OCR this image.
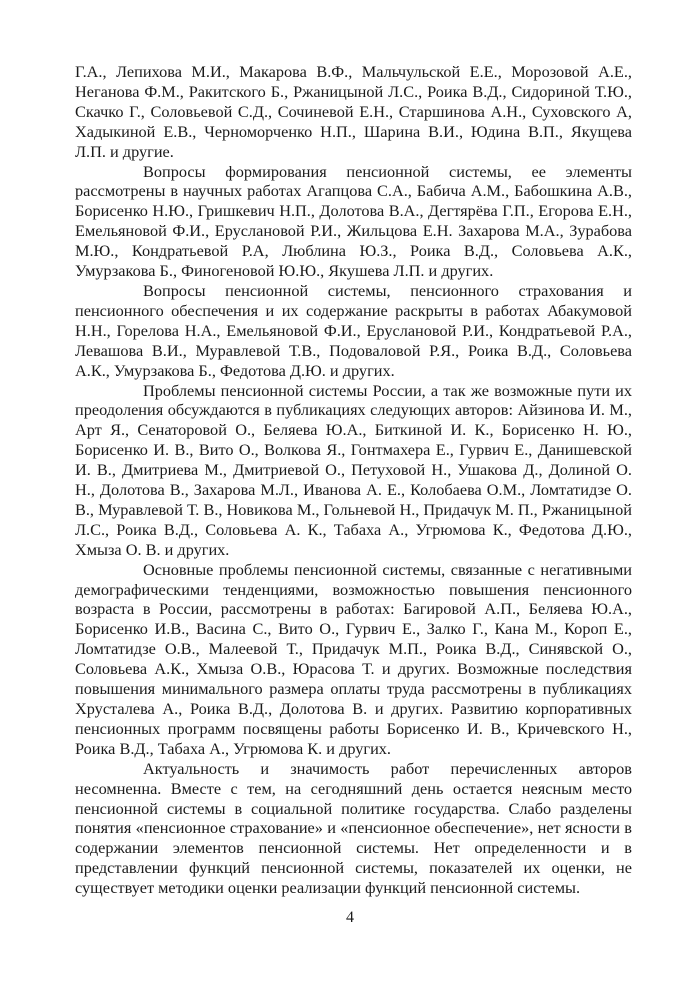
Г.А., Лепихова М.И., Макарова В.Ф., Мальчульской Е.Е., Морозовой А.Е., Неганова Ф.М., Ракитского Б., Ржаницыной Л.С., Роика В.Д., Сидориной Т.Ю., Скачко Г., Соловьевой С.Д., Сочиневой Е.Н., Старшинова А.Н., Суховского А, Хадыкиной Е.В., Черноморченко Н.П., Шарина В.И., Юдина В.П., Якущева Л.П. и другие.

Вопросы формирования пенсионной системы, ее элементы рассмотрены в научных работах Агапцова С.А., Бабича А.М., Бабошкина А.В., Борисенко Н.Ю., Гришкевич Н.П., Долотова В.А., Дегтярёва Г.П., Егорова Е.Н., Емельяновой Ф.И., Еруслановой Р.И., Жильцова Е.Н. Захарова М.А., Зурабова М.Ю., Кондратьевой Р.А, Люблина Ю.З., Роика В.Д., Соловьева А.К., Умурзакова Б., Финогеновой Ю.Ю., Якушева Л.П. и других.

Вопросы пенсионной системы, пенсионного страхования и пенсионного обеспечения и их содержание раскрыты в работах Абакумовой Н.Н., Горелова Н.А., Емельяновой Ф.И., Еруслановой Р.И., Кондратьевой Р.А., Левашова В.И., Муравлевой Т.В., Подоваловой Р.Я., Роика В.Д., Соловьева А.К., Умурзакова Б., Федотова Д.Ю. и других.

Проблемы пенсионной системы России, а так же возможные пути их преодоления обсуждаются в публикациях следующих авторов: Айзинова И. М., Арт Я., Сенаторовой О., Беляева Ю.А., Биткиной И. К., Борисенко Н. Ю., Борисенко И. В., Вито О., Волкова Я., Гонтмахера Е., Гурвич Е., Данишевской И. В., Дмитриева М., Дмитриевой О., Петуховой Н., Ушакова Д., Долиной О. Н., Долотова В., Захарова М.Л., Иванова А. Е., Колобаева О.М., Ломтатидзе О. В., Муравлевой Т. В., Новикова М., Гольневой Н., Придачук М. П., Ржаницыной Л.С., Роика В.Д., Соловьева А. К., Табаха А., Угрюмова К., Федотова Д.Ю., Хмыза О. В. и других.

Основные проблемы пенсионной системы, связанные с негативными демографическими тенденциями, возможностью повышения пенсионного возраста в России, рассмотрены в работах: Багировой А.П., Беляева Ю.А., Борисенко И.В., Васина С., Вито О., Гурвич Е., Залко Г., Кана М., Короп Е., Ломтатидзе О.В., Малеевой Т., Придачук М.П., Роика В.Д., Синявской О., Соловьева А.К., Хмыза О.В., Юрасова Т. и других. Возможные последствия повышения минимального размера оплаты труда рассмотрены в публикациях Хрусталева А., Роика В.Д., Долотова В. и других. Развитию корпоративных пенсионных программ посвящены работы Борисенко И. В., Кричевского Н., Роика В.Д., Табаха А., Угрюмова К. и других.

Актуальность и значимость работ перечисленных авторов несомненна. Вместе с тем, на сегодняшний день остается неясным место пенсионной системы в социальной политике государства. Слабо разделены понятия «пенсионное страхование» и «пенсионное обеспечение», нет ясности в содержании элементов пенсионной системы. Нет определенности и в представлении функций пенсионной системы, показателей их оценки, не существует методики оценки реализации функций пенсионной системы.

4
